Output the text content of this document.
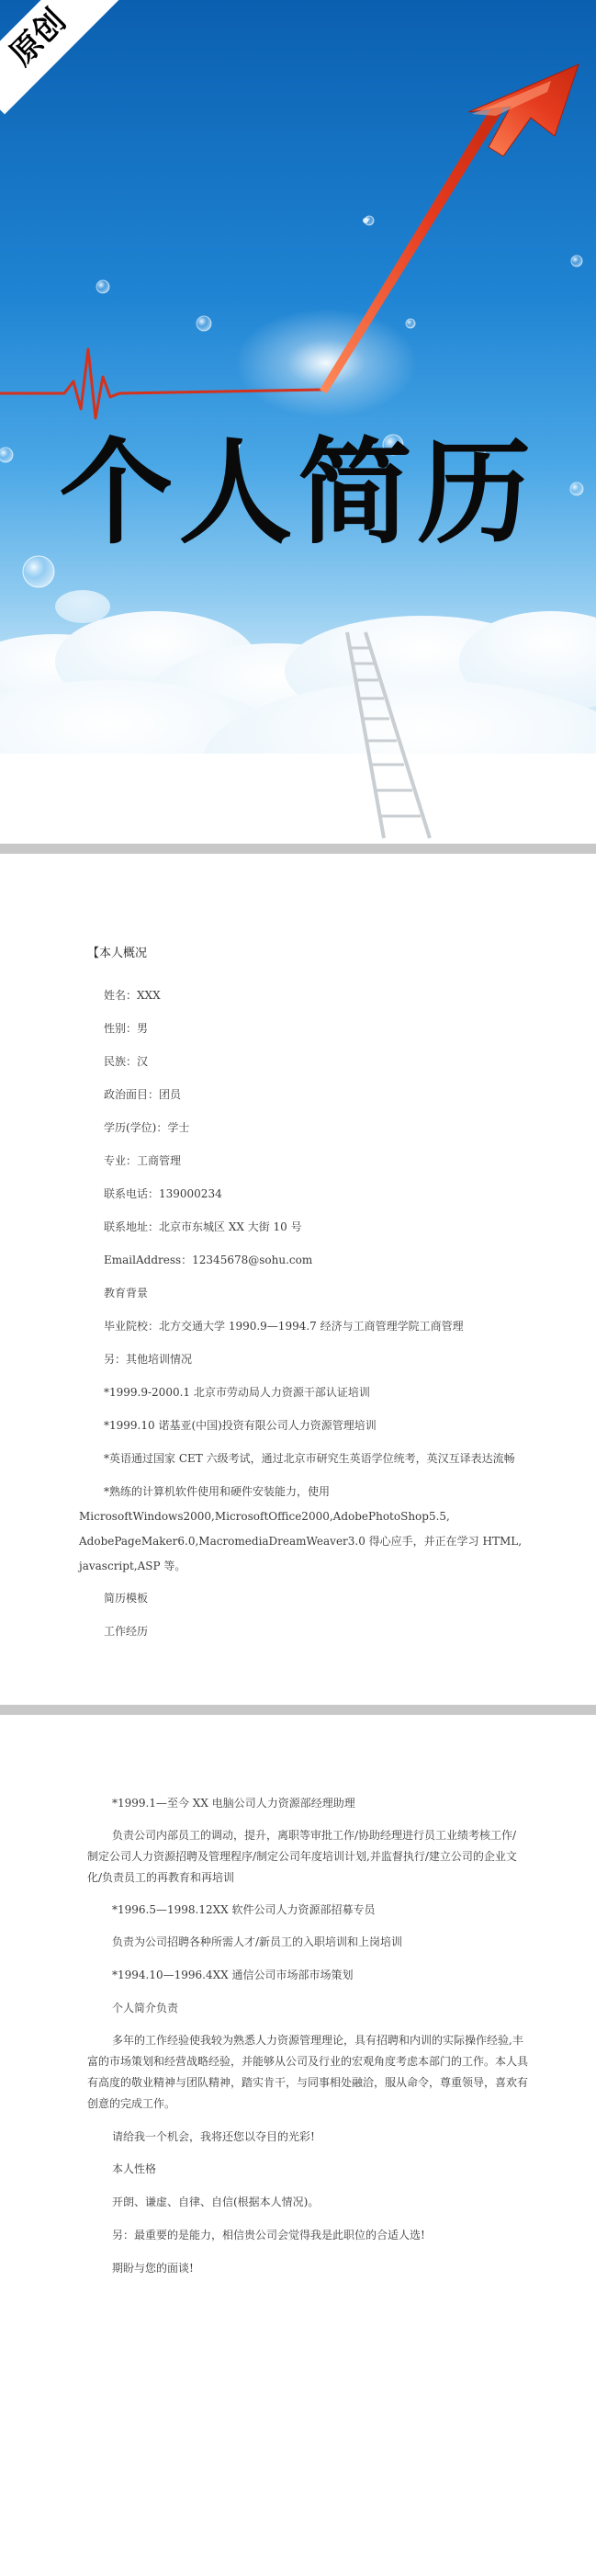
个人简历
原创
【本人概况
姓名：XXX
性别：男
民族：汉
政治面目：团员
学历(学位)：学士
专业：工商管理
联系电话：139000234
联系地址：北京市东城区 XX 大街 10 号
EmailAddress：12345678@sohu.com
教育背景
毕业院校：北方交通大学 1990.9—1994.7 经济与工商管理学院工商管理
另：其他培训情况
*1999.9-2000.1 北京市劳动局人力资源干部认证培训
*1999.10 诺基亚(中国)投资有限公司人力资源管理培训
*英语通过国家 CET 六级考试，通过北京市研究生英语学位统考，英汉互译表达流畅
*熟练的计算机软件使用和硬件安装能力，使用
MicrosoftWindows2000,MicrosoftOffice2000,AdobePhotoShop5.5,
AdobePageMaker6.0,MacromediaDreamWeaver3.0 得心应手，并正在学习 HTML,
javascript,ASP 等。
简历模板
工作经历
*1999.1—至今 XX 电脑公司人力资源部经理助理
负责公司内部员工的调动，提升，离职等审批工作/协助经理进行员工业绩考核工作/
制定公司人力资源招聘及管理程序/制定公司年度培训计划,并监督执行/建立公司的企业文
化/负责员工的再教育和再培训
*1996.5—1998.12XX 软件公司人力资源部招募专员
负责为公司招聘各种所需人才/新员工的入职培训和上岗培训
*1994.10—1996.4XX 通信公司市场部市场策划
个人简介负责
多年的工作经验使我较为熟悉人力资源管理理论，具有招聘和内训的实际操作经验,丰
富的市场策划和经营战略经验，并能够从公司及行业的宏观角度考虑本部门的工作。本人具
有高度的敬业精神与团队精神，踏实肯干，与同事相处融洽，服从命令，尊重领导，喜欢有
创意的完成工作。
请给我一个机会，我将还您以夺目的光彩!
本人性格
开朗、谦虚、自律、自信(根据本人情况)。
另：最重要的是能力，相信贵公司会觉得我是此职位的合适人选!
期盼与您的面谈!
